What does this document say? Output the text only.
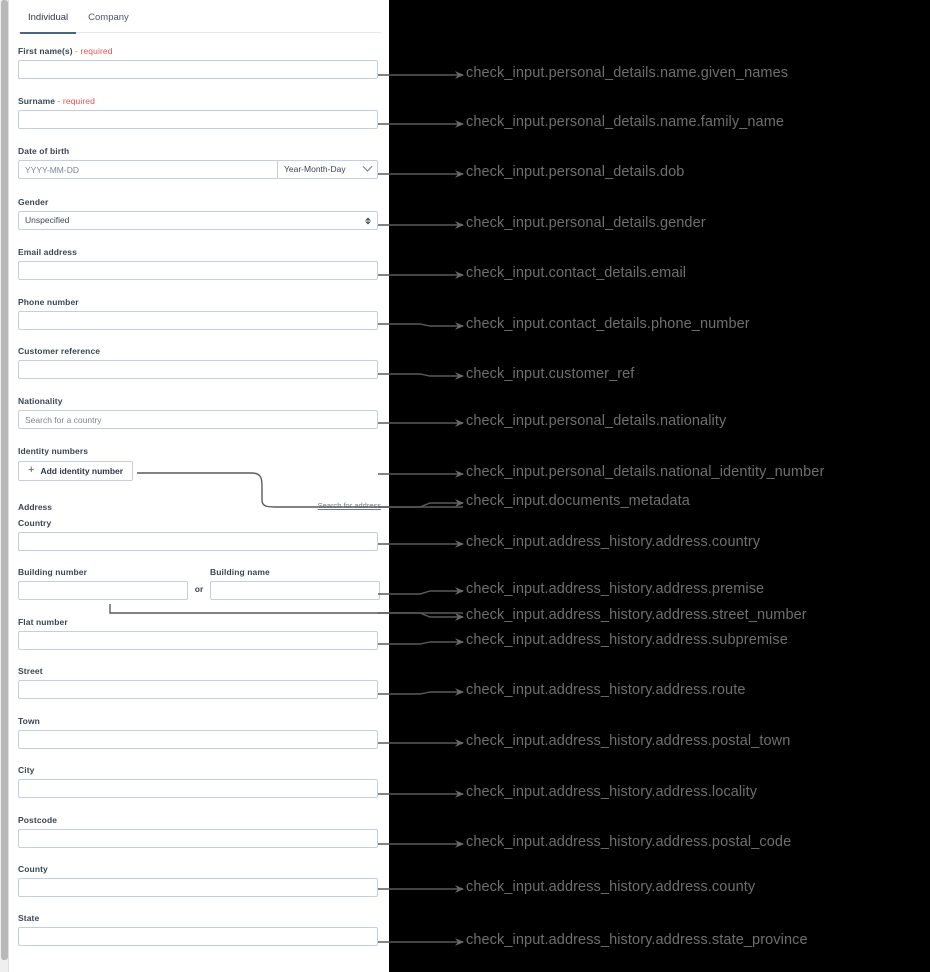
Individual	Company
First name(s) - required
Surname - required
Date of birth
YYYY-MM-DD
Year-Month-Day
Gender
Unspecified
Email address
Phone number
Customer reference
Nationality
Search for a country
Identity numbers
+ Add identity number
Address	Search for address
Country
Building number
or
Building name
Flat number
Street
Town
City
Postcode
County
State
check_input.personal_details.name.given_names
check_input.personal_details.name.family_name
check_input.personal_details.dob
check_input.personal_details.gender
check_input.contact_details.email
check_input.contact_details.phone_number
check_input.customer_ref
check_input.personal_details.nationality
check_input.personal_details.national_identity_number
check_input.documents_metadata
check_input.address_history.address.country
check_input.address_history.address.premise
check_input.address_history.address.street_number
check_input.address_history.address.subpremise
check_input.address_history.address.route
check_input.address_history.address.postal_town
check_input.address_history.address.locality
check_input.address_history.address.postal_code
check_input.address_history.address.county
check_input.address_history.address.state_province
